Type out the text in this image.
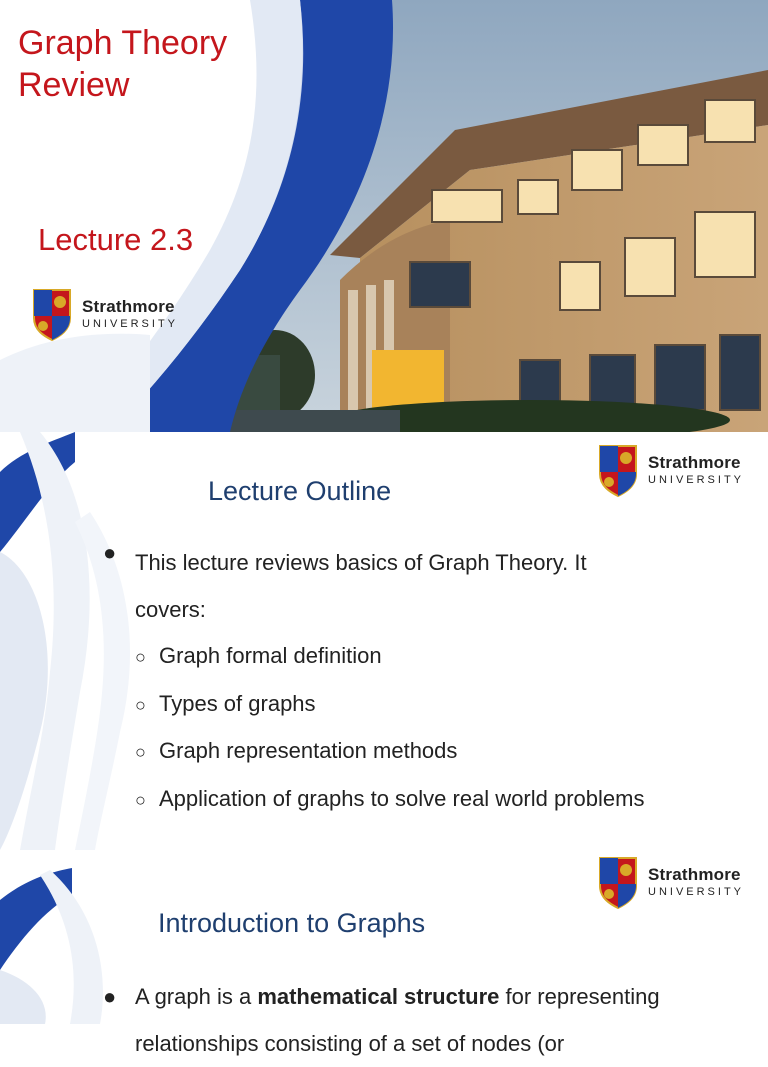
Graph Theory
Review
Lecture 2.3
Strathmore
UNIVERSITY
Strathmore
UNIVERSITY
Lecture Outline
● This lecture reviews basics of Graph Theory. It
covers:
○ Graph formal definition
○ Types of graphs
○ Graph representation methods
○ Application of graphs to solve real world problems
Strathmore
UNIVERSITY
Introduction to Graphs
● A graph is a mathematical structure for representing
relationships consisting of a set of nodes (or
